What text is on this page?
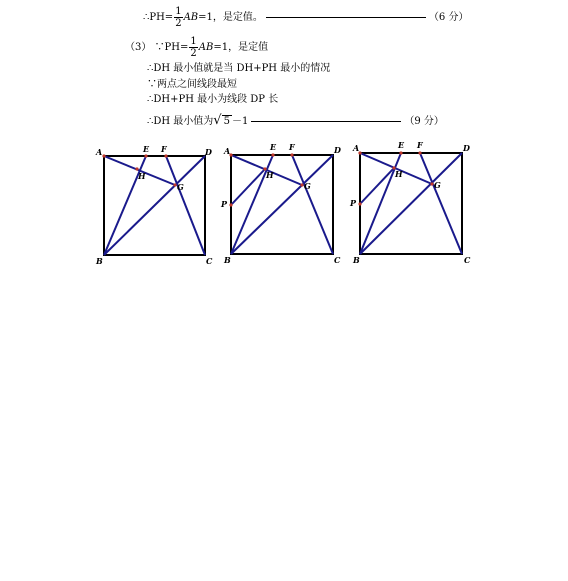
∴PH= $\frac{1}{2} AB=1$，是定值。	（6 分）
（3） ∵PH= $\frac{1}{2} AB=1$，是定值
∴DH 最小值就是当 DH+PH 最小的情况
∵两点之间线段最短
∴DH+PH 最小为线段 DP 长
∴DH 最小值为√ 5 －1	（9 分）
A	E F	D
H
G
B	C
A	E F	D
H
G
P
B	C
A	E F	D
H
G
P
B	C
